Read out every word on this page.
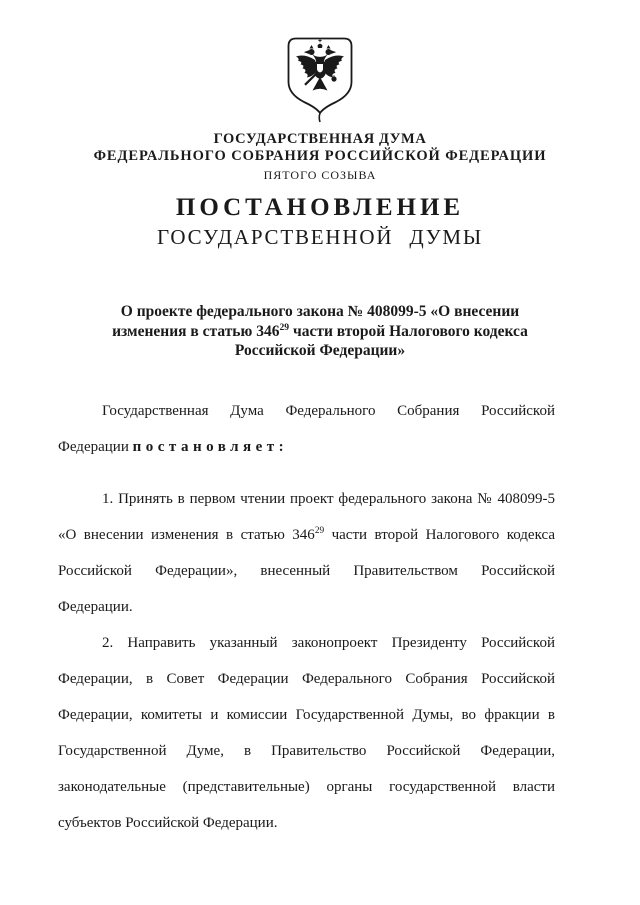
ГОСУДАРСТВЕННАЯ ДУМА
ФЕДЕРАЛЬНОГО СОБРАНИЯ РОССИЙСКОЙ ФЕДЕРАЦИИ
ПЯТОГО СОЗЫВА
ПОСТАНОВЛЕНИЕ
ГОСУДАРСТВЕННОЙ ДУМЫ
О проекте федерального закона № 408099-5 «О внесении
изменения в статью $346^{29}$ части второй Налогового кодекса
Российской Федерации»
Государственная Дума Федерального Собрания Российской
Федерации постановляет:
1. Принять в первом чтении проект федерального закона № 408099-5
«О внесении изменения в статью $346^{29}$ части второй Налогового кодекса
Российской Федерации», внесенный Правительством Российской
Федерации.
2. Направить указанный законопроект Президенту Российской
Федерации, в Совет Федерации Федерального Собрания Российской
Федерации, комитеты и комиссии Государственной Думы, во фракции в
Государственной Думе, в Правительство Российской Федерации,
законодательные (представительные) органы государственной власти
субъектов Российской Федерации.
